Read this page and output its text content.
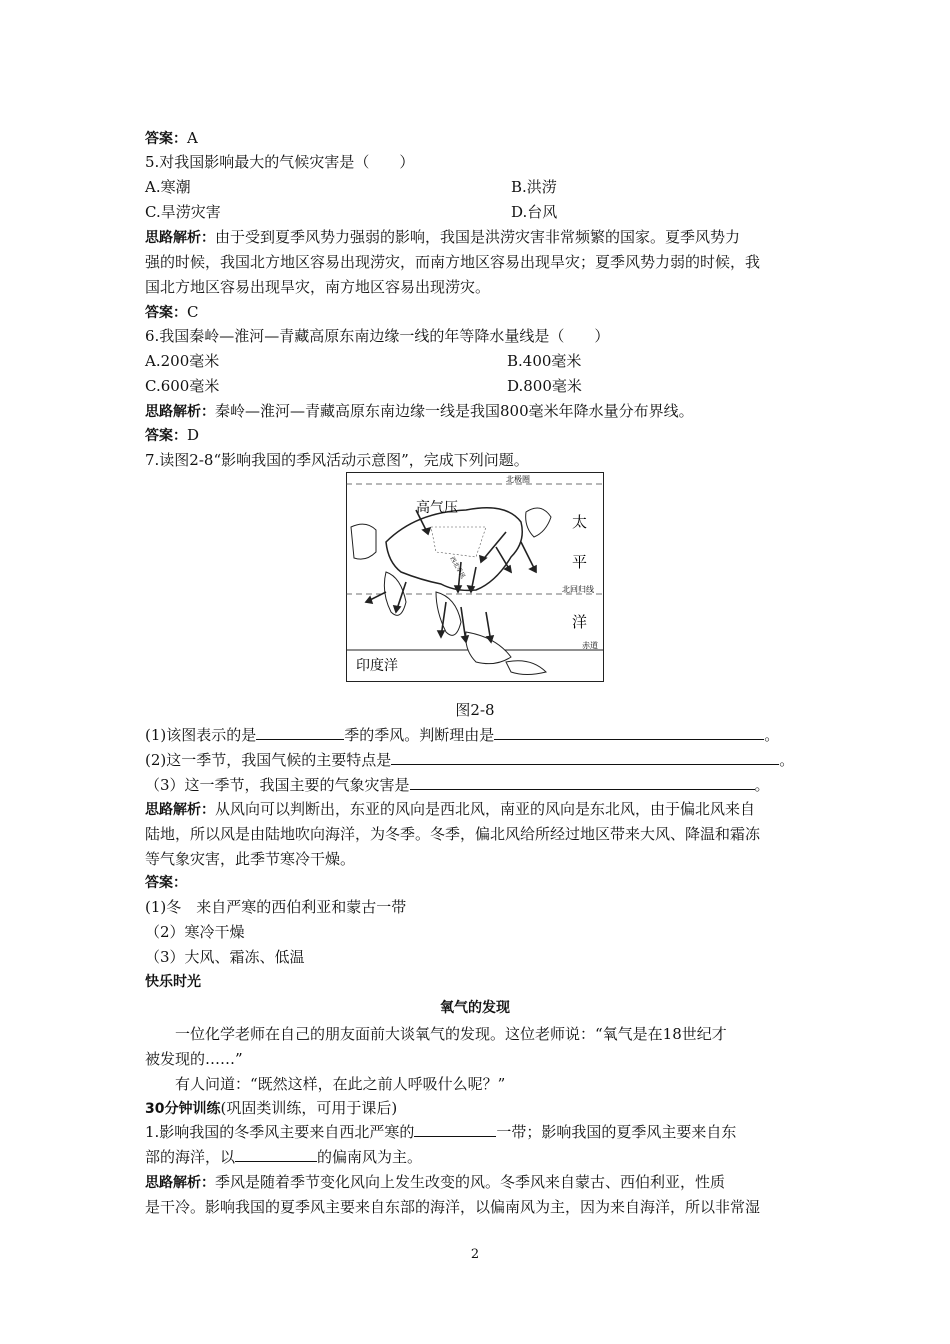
答案：A
5.对我国影响最大的气候灾害是（　　）
A.寒潮	B.洪涝
C.旱涝灾害	D.台风
思路解析：由于受到夏季风势力强弱的影响，我国是洪涝灾害非常频繁的国家。夏季风势力
强的时候，我国北方地区容易出现涝灾，而南方地区容易出现旱灾；夏季风势力弱的时候，我
国北方地区容易出现旱灾，南方地区容易出现涝灾。
答案：C
6.我国秦岭—淮河—青藏高原东南边缘一线的年等降水量线是（　　）
A.200毫米	B.400毫米
C.600毫米	D.800毫米
思路解析：秦岭—淮河—青藏高原东南边缘一线是我国800毫米年降水量分布界线。
答案：D
7.读图2-8“影响我国的季风活动示意图”，完成下列问题。
高气压
北极圈
太
平
洋
北回归线
赤道
印度洋
西北季风
图2-8
(1)该图表示的是	季的季风。判断理由是	。
(2)这一季节，我国气候的主要特点是	。
（3）这一季节，我国主要的气象灾害是	。
思路解析：从风向可以判断出，东亚的风向是西北风，南亚的风向是东北风，由于偏北风来自
陆地，所以风是由陆地吹向海洋，为冬季。冬季，偏北风给所经过地区带来大风、降温和霜冻
等气象灾害，此季节寒冷干燥。
答案：
(1)冬　来自严寒的西伯利亚和蒙古一带
（2）寒冷干燥
（3）大风、霜冻、低温
快乐时光
氧气的发现
一位化学老师在自己的朋友面前大谈氧气的发现。这位老师说：“氧气是在18世纪才
被发现的……”
有人问道：“既然这样，在此之前人呼吸什么呢？”
30分钟训练(巩固类训练，可用于课后)
1.影响我国的冬季风主要来自西北严寒的	一带；影响我国的夏季风主要来自东
部的海洋，以	的偏南风为主。
思路解析：季风是随着季节变化风向上发生改变的风。冬季风来自蒙古、西伯利亚，性质
是干冷。影响我国的夏季风主要来自东部的海洋，以偏南风为主，因为来自海洋，所以非常湿
2
